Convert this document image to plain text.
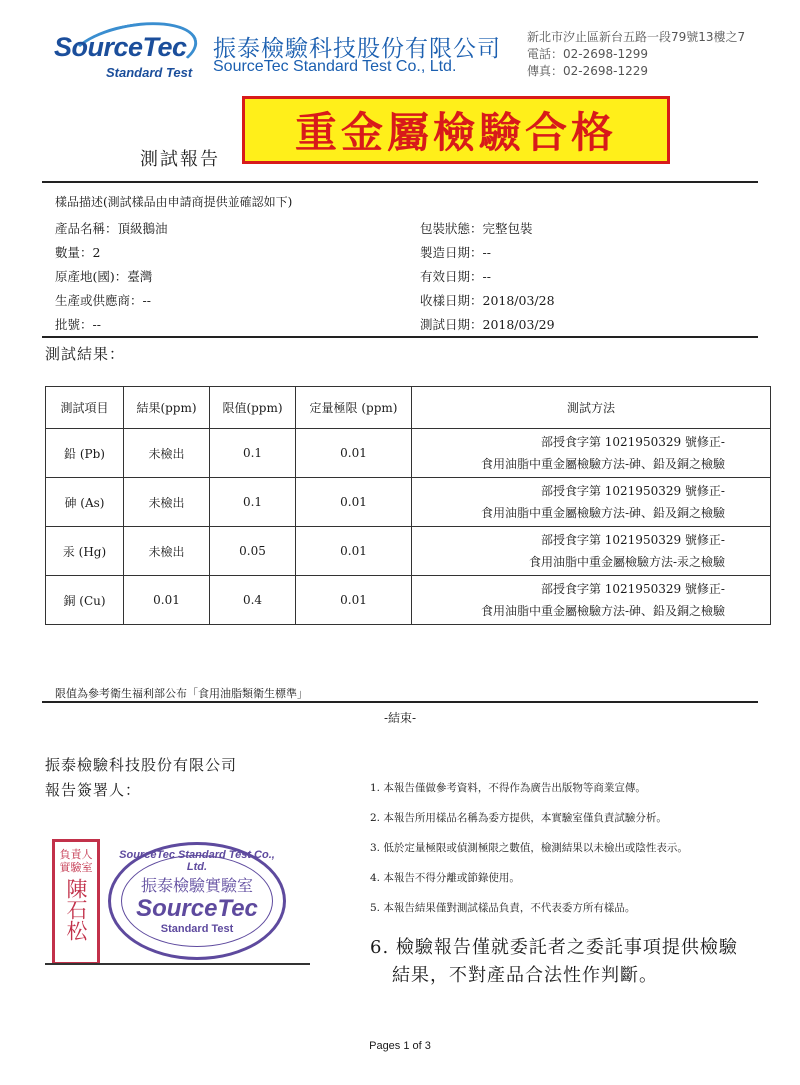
SourceTec
Standard Test
振泰檢驗科技股份有限公司
SourceTec Standard Test Co., Ltd.
新北市汐止區新台五路一段79號13樓之7
電話：02-2698-1299
傳真：02-2698-1229
測試報告
重金屬檢驗合格
樣品描述(測試樣品由申請商提供並確認如下)
產品名稱：頂級鵝油
數量：2
原產地(國)：臺灣
生產或供應商：--
批號：--
包裝狀態：完整包裝
製造日期：--
有效日期：--
收樣日期：2018/03/28
測試日期：2018/03/29
測試結果：
測試項目	結果(ppm)	限值(ppm)	定量極限 (ppm)	測試方法
鉛 (Pb)	未檢出	0.1	0.01	部授食字第 1021950329 號修正-
食用油脂中重金屬檢驗方法-砷、鉛及銅之檢驗

砷 (As)	未檢出	0.1	0.01	部授食字第 1021950329 號修正-
食用油脂中重金屬檢驗方法-砷、鉛及銅之檢驗

汞 (Hg)	未檢出	0.05	0.01	部授食字第 1021950329 號修正-
食用油脂中重金屬檢驗方法-汞之檢驗

銅 (Cu)	0.01	0.4	0.01	部授食字第 1021950329 號修正-
食用油脂中重金屬檢驗方法-砷、鉛及銅之檢驗
限值為參考衛生福利部公布「食用油脂類衛生標準」
-結束-
振泰檢驗科技股份有限公司
報告簽署人：	1. 本報告僅做參考資料，不得作為廣告出版物等商業宣傳。
2. 本報告所用樣品名稱為委方提供，本實驗室僅負責試驗分析。
3. 低於定量極限或偵測極限之數值，檢測結果以未檢出或陰性表示。
4. 本報告不得分離或節錄使用。
5. 本報告結果僅對測試樣品負責，不代表委方所有樣品。
6. 檢驗報告僅就委託者之委託事項提供檢驗
結果，不對產品合法性作判斷。
負責人
實驗室
陳石松
SourceTec Standard Test Co., Ltd.
振泰檢驗實驗室
SourceTec
Standard Test
Pages 1 of 3
